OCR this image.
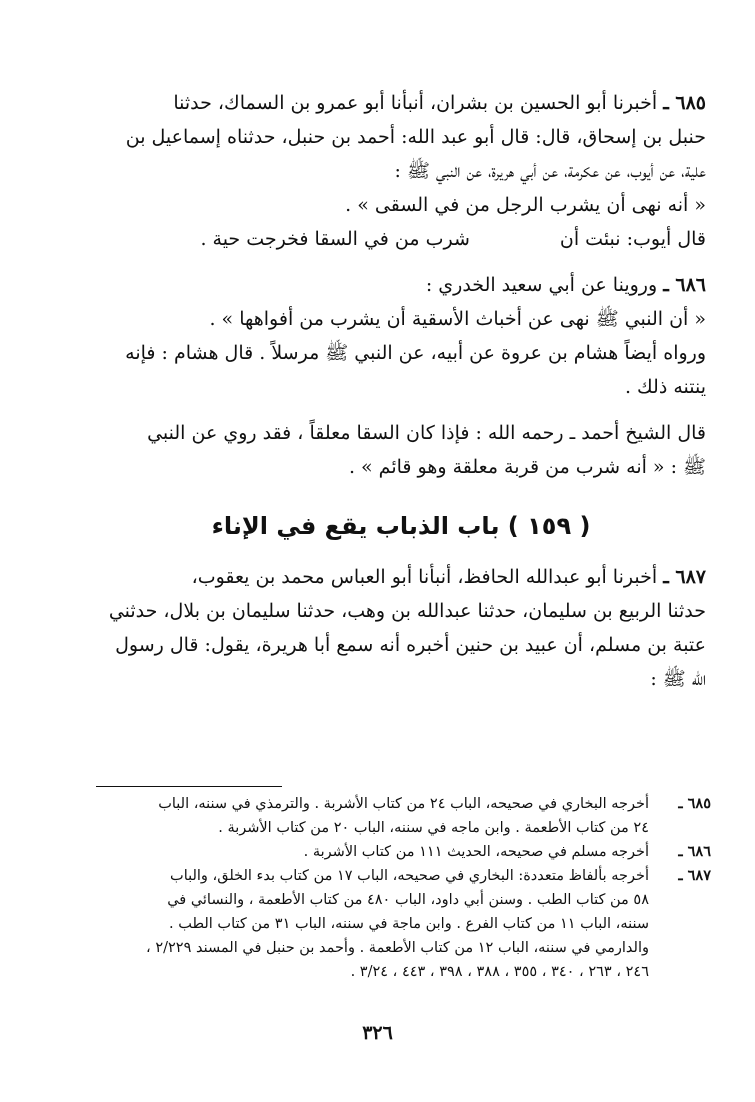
٦٨٥ ـ أخبرنا أبو الحسين بن بشران، أنبأنا أبو عمرو بن السماك، حدثنا

حنبل بن إسحاق، قال: قال أبو عبد الله: أحمد بن حنبل، حدثناه إسماعيل بن

علية، عن أيوب، عن عكرمة، عن أبي هريرة، عن النبي ﷺ :

« أنه نهى أن يشرب الرجل من في السقى » .

قال أيوب: نبئت أن
شرب من في السقا فخرجت حية .

٦٨٦ ـ وروينا عن أبي سعيد الخدري :

« أن النبي ﷺ نهى عن أخباث الأسقية أن يشرب من أفواهها » .

ورواه أيضاً هشام بن عروة عن أبيه، عن النبي ﷺ مرسلاً . قال هشام : فإنه

ينتنه ذلك .

قال الشيخ أحمد ـ رحمه الله : فإذا كان السقا معلقاً ، فقد روي عن النبي

ﷺ : « أنه شرب من قربة معلقة وهو قائم » .

( ١٥٩ ) باب الذباب يقع في الإناء

٦٨٧ ـ أخبرنا أبو عبدالله الحافظ، أنبأنا أبو العباس محمد بن يعقوب،

حدثنا الربيع بن سليمان، حدثنا عبدالله بن وهب، حدثنا سليمان بن بلال، حدثني

عتبة بن مسلم، أن عبيد بن حنين أخبره أنه سمع أبا هريرة، يقول: قال رسول

الله ﷺ :

٦٨٥ ـ
أخرجه البخاري في صحيحه، الباب ٢٤ من كتاب الأشربة . والترمذي في سننه، الباب
٢٤ من كتاب الأطعمة . وابن ماجه في سننه، الباب ٢٠ من كتاب الأشربة .
٦٨٦ ـ
أخرجه مسلم في صحيحه، الحديث ١١١ من كتاب الأشربة .
٦٨٧ ـ
أخرجه بألفاظ متعددة: البخاري في صحيحه، الباب ١٧ من كتاب بدء الخلق، والباب
٥٨ من كتاب الطب . وسنن أبي داود، الباب ٤٨٠ من كتاب الأطعمة ، والنسائي في
سننه، الباب ١١ من كتاب الفرع . وابن ماجة في سننه، الباب ٣١ من كتاب الطب .
والدارمي في سننه، الباب ١٢ من كتاب الأطعمة . وأحمد بن حنبل في المسند ٢/٢٢٩ ،
٢٤٦ ، ٢٦٣ ، ٣٤٠ ، ٣٥٥ ، ٣٨٨ ، ٣٩٨ ، ٤٤٣ ، ٣/٢٤ .
٣٢٦
